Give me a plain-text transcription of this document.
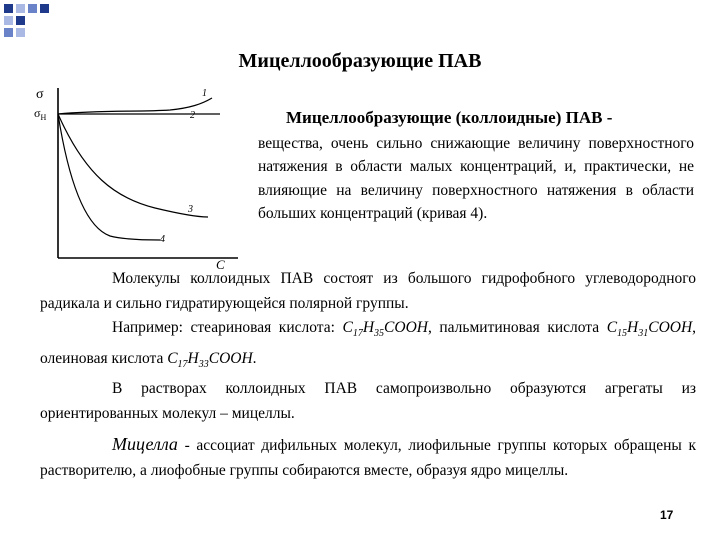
Мицеллообразующие ПАВ
σ
$\sigma_H$
1
2
3
4
C
Мицеллообразующие (коллоидные) ПАВ -
вещества, очень сильно снижающие величину поверхностного натяжения в области малых концентраций, и, практически, не влияющие на величину поверхностного натяжения в области больших концентраций (кривая 4).
Молекулы коллоидных ПАВ состоят из большого гидрофобного углеводородного радикала и сильно гидратирующейся полярной группы.
Например: стеариновая кислота: $C_{17}H_{35}COOH$, пальмитиновая кислота $C_{15}H_{31}COOH$, олеиновая кислота $C_{17}H_{33}COOH$.
В растворах коллоидных ПАВ самопроизвольно образуются агрегаты из ориентированных молекул – мицеллы.
Мицелла - ассоциат дифильных молекул, лиофильные группы которых обращены к растворителю, а лиофобные группы собираются вместе, образуя ядро мицеллы.
17
